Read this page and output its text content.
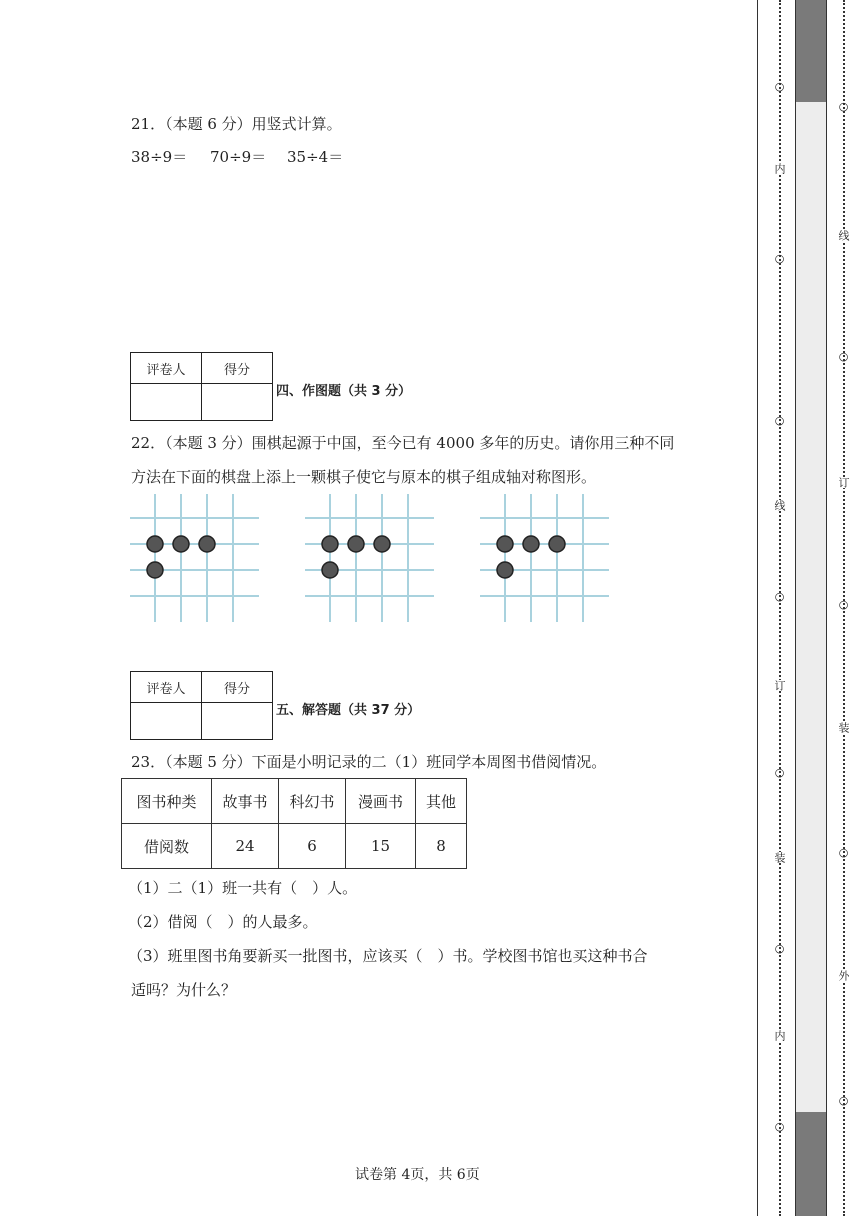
21．（本题 6 分）用竖式计算。
38÷9＝ 70÷9＝ 35÷4＝
评卷人	得分

四、作图题（共 3 分）
22．（本题 3 分）围棋起源于中国，至今已有 4000 多年的历史。请你用三种不同
方法在下面的棋盘上添上一颗棋子使它与原本的棋子组成轴对称图形。
评卷人	得分

五、解答题（共 37 分）
23．（本题 5 分）下面是小明记录的二（1）班同学本周图书借阅情况。
图书种类	故事书	科幻书	漫画书	其他
借阅数	24	6	15	8
（1）二（1）班一共有（　）人。
（2）借阅（　）的人最多。
（3）班里图书角要新买一批图书，应该买（　）书。学校图书馆也买这种书合
适吗？为什么？
试卷第 4页，共 6页
○
内
○
○
线
○
订
○
装
○
内
○
○
线
○
订
○
装
○
外
○
